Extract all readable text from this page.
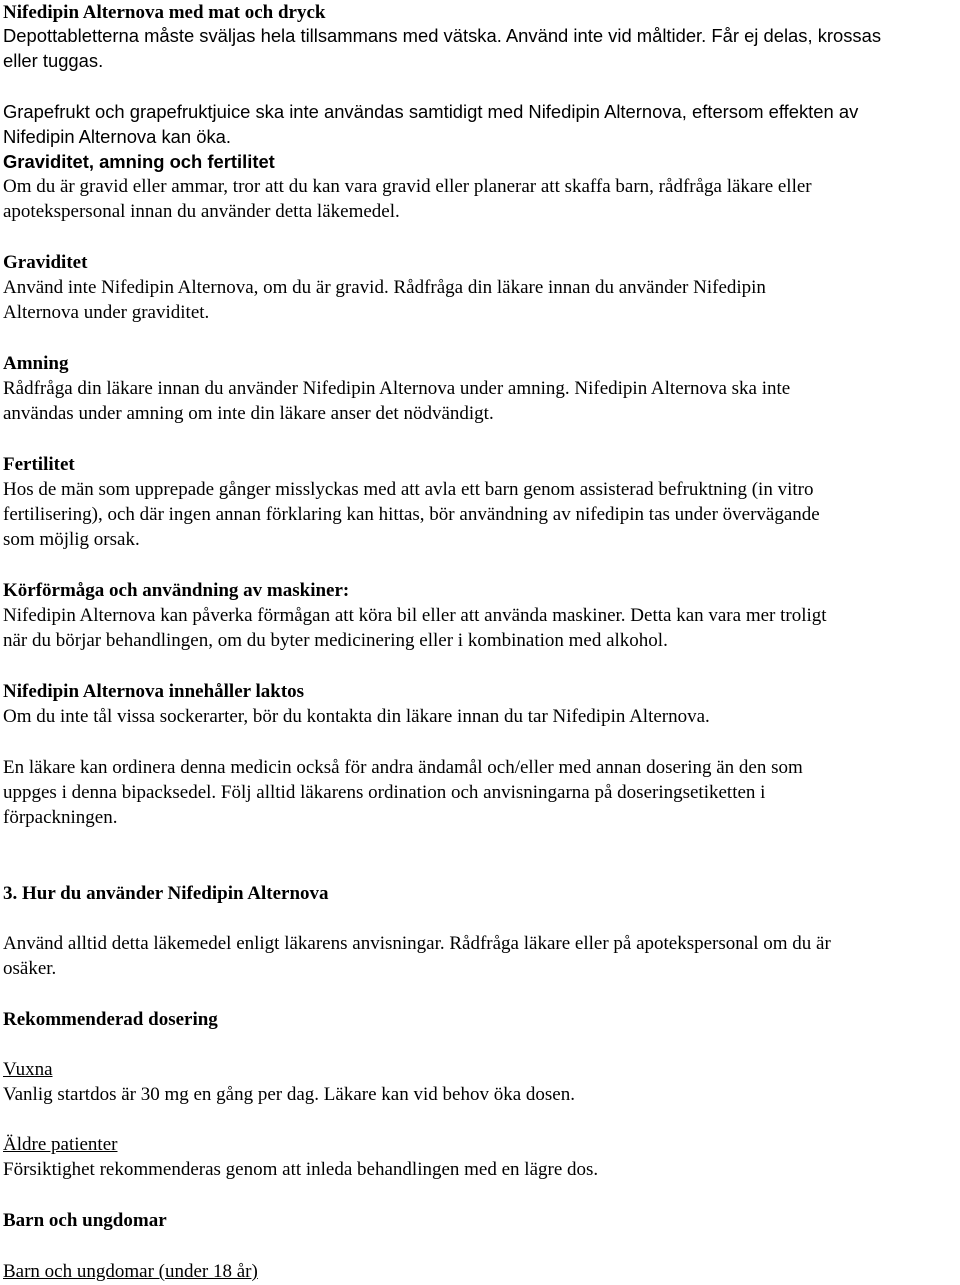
Nifedipin Alternova med mat och dryck
Depottabletterna måste sväljas hela tillsammans med vätska. Använd inte vid måltider. Får ej delas, krossas
eller tuggas.
Grapefrukt och grapefruktjuice ska inte användas samtidigt med Nifedipin Alternova, eftersom effekten av
Nifedipin Alternova kan öka.
Graviditet, amning och fertilitet
Om du är gravid eller ammar, tror att du kan vara gravid eller planerar att skaffa barn, rådfråga läkare eller
apotekspersonal innan du använder detta läkemedel.
Graviditet
Använd inte Nifedipin Alternova, om du är gravid. Rådfråga din läkare innan du använder Nifedipin
Alternova under graviditet.
Amning
Rådfråga din läkare innan du använder Nifedipin Alternova under amning. Nifedipin Alternova ska inte
användas under amning om inte din läkare anser det nödvändigt.
Fertilitet
Hos de män som upprepade gånger misslyckas med att avla ett barn genom assisterad befruktning (in vitro
fertilisering), och där ingen annan förklaring kan hittas, bör användning av nifedipin tas under övervägande
som möjlig orsak.
Körförmåga och användning av maskiner:
Nifedipin Alternova kan påverka förmågan att köra bil eller att använda maskiner. Detta kan vara mer troligt
när du börjar behandlingen, om du byter medicinering eller i kombination med alkohol.
Nifedipin Alternova innehåller laktos
Om du inte tål vissa sockerarter, bör du kontakta din läkare innan du tar Nifedipin Alternova.
En läkare kan ordinera denna medicin också för andra ändamål och/eller med annan dosering än den som
uppges i denna bipacksedel. Följ alltid läkarens ordination och anvisningarna på doseringsetiketten i
förpackningen.
3. Hur du använder Nifedipin Alternova
Använd alltid detta läkemedel enligt läkarens anvisningar. Rådfråga läkare eller på apotekspersonal om du är
osäker.
Rekommenderad dosering
Vuxna
Vanlig startdos är 30 mg en gång per dag. Läkare kan vid behov öka dosen.
Äldre patienter
Försiktighet rekommenderas genom att inleda behandlingen med en lägre dos.
Barn och ungdomar
Barn och ungdomar (under 18 år)
